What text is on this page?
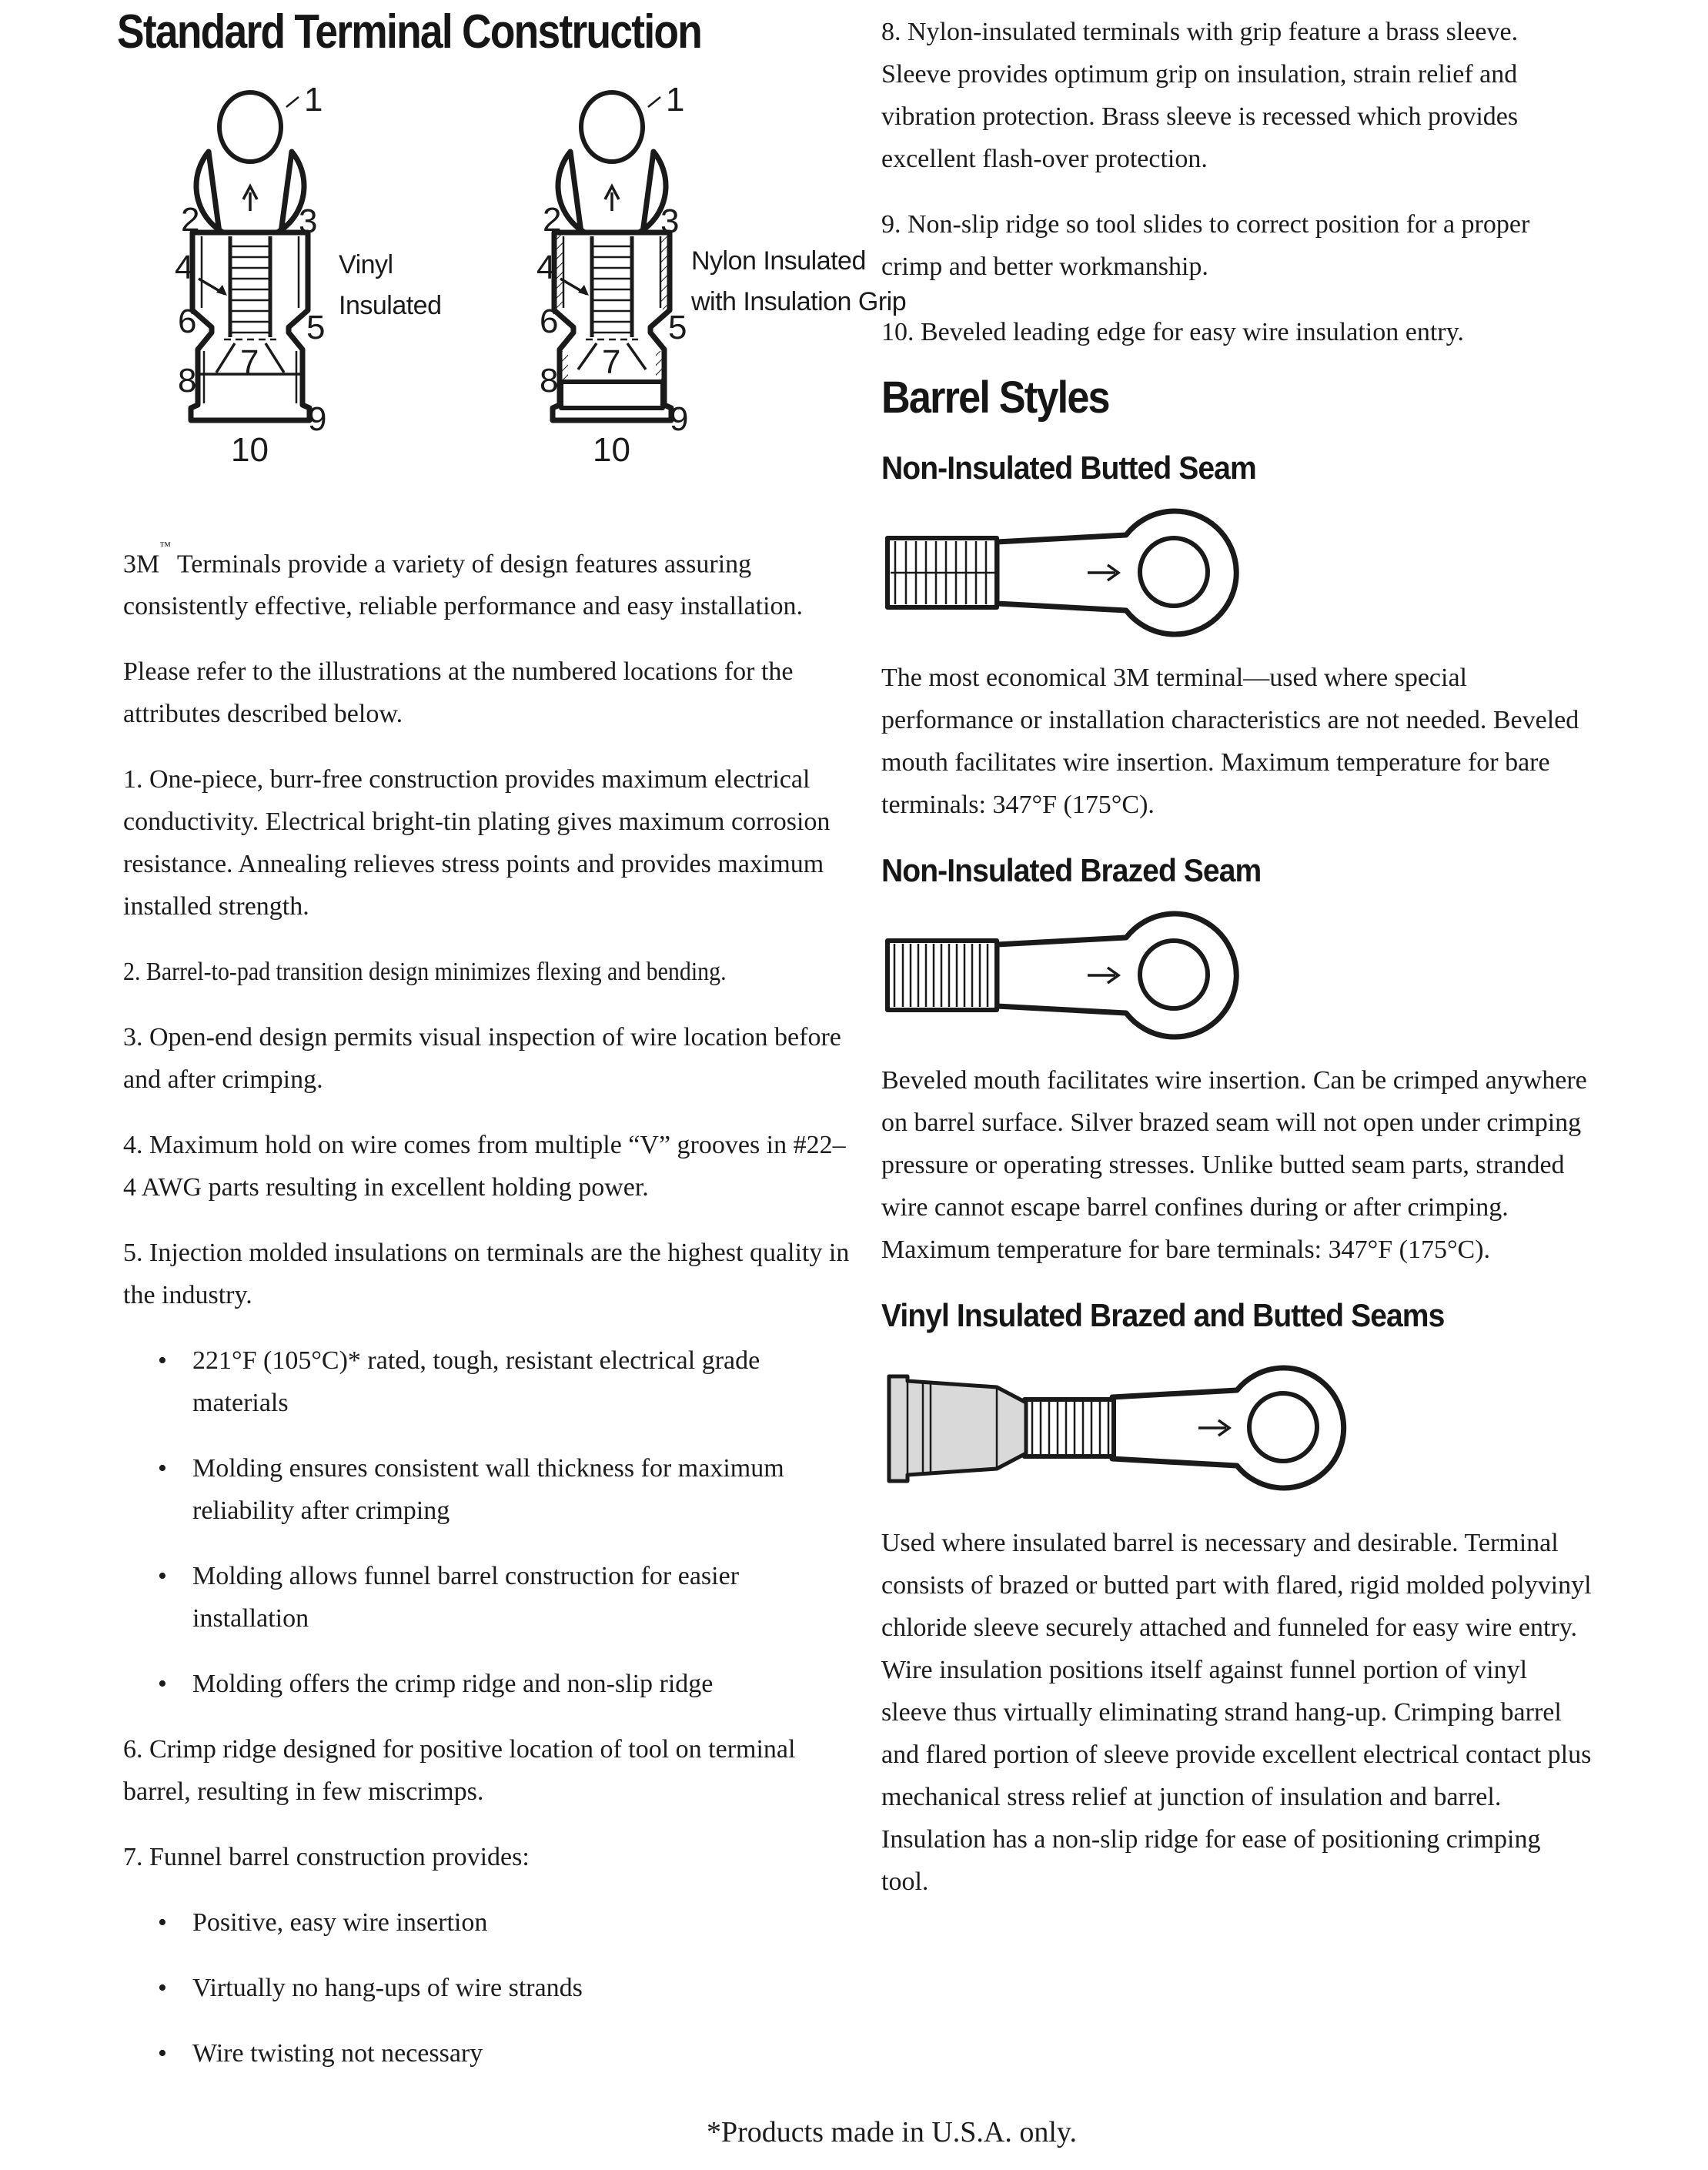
Standard Terminal Construction
1
2	3
4
6	5
7
8
9
10
Vinyl
Insulated
1
2	3
4
6	5
7
8
9
10
Nylon Insulated
with Insulation Grip

3M™ Terminals provide a variety of design features assuring consistently effective, reliable performance and easy installation.

Please refer to the illustrations at the numbered locations for the attributes described below.

1. One-piece, burr-free construction provides maximum electrical conductivity. Electrical bright-tin plating gives maximum corrosion resistance. Annealing relieves stress points and provides maximum installed strength.

2. Barrel-to-pad transition design minimizes flexing and bending.

3. Open-end design permits visual inspection of wire location before and after crimping.

4. Maximum hold on wire comes from multiple “V” grooves in #22–4 AWG parts resulting in excellent holding power.

5. Injection molded insulations on terminals are the highest quality in the industry.

• 221°F (105°C)* rated, tough, resistant electrical grade materials
• Molding ensures consistent wall thickness for maximum reliability after crimping
• Molding allows funnel barrel construction for easier installation
• Molding offers the crimp ridge and non-slip ridge

6. Crimp ridge designed for positive location of tool on terminal barrel, resulting in few miscrimps.

7. Funnel barrel construction provides:

• Positive, easy wire insertion
• Virtually no hang-ups of wire strands
• Wire twisting not necessary

8. Nylon-insulated terminals with grip feature a brass sleeve. Sleeve provides optimum grip on insulation, strain relief and vibration protection. Brass sleeve is recessed which provides excellent flash-over protection.

9. Non-slip ridge so tool slides to correct position for a proper crimp and better workmanship.

10. Beveled leading edge for easy wire insulation entry.

Barrel Styles
Non-Insulated Butted Seam

The most economical 3M terminal—used where special performance or installation characteristics are not needed. Beveled mouth facilitates wire insertion. Maximum temperature for bare terminals: 347°F (175°C).

Non-Insulated Brazed Seam

Beveled mouth facilitates wire insertion. Can be crimped anywhere on barrel surface. Silver brazed seam will not open under crimping pressure or operating stresses. Unlike butted seam parts, stranded wire cannot escape barrel confines during or after crimping. Maximum temperature for bare terminals: 347°F (175°C).

Vinyl Insulated Brazed and Butted Seams

Used where insulated barrel is necessary and desirable. Terminal consists of brazed or butted part with flared, rigid molded polyvinyl chloride sleeve securely attached and funneled for easy wire entry. Wire insulation positions itself against funnel portion of vinyl sleeve thus virtually eliminating strand hang-up. Crimping barrel and flared portion of sleeve provide excellent electrical contact plus mechanical stress relief at junction of insulation and barrel. Insulation has a non-slip ridge for ease of positioning crimping tool.

*Products made in U.S.A. only.
